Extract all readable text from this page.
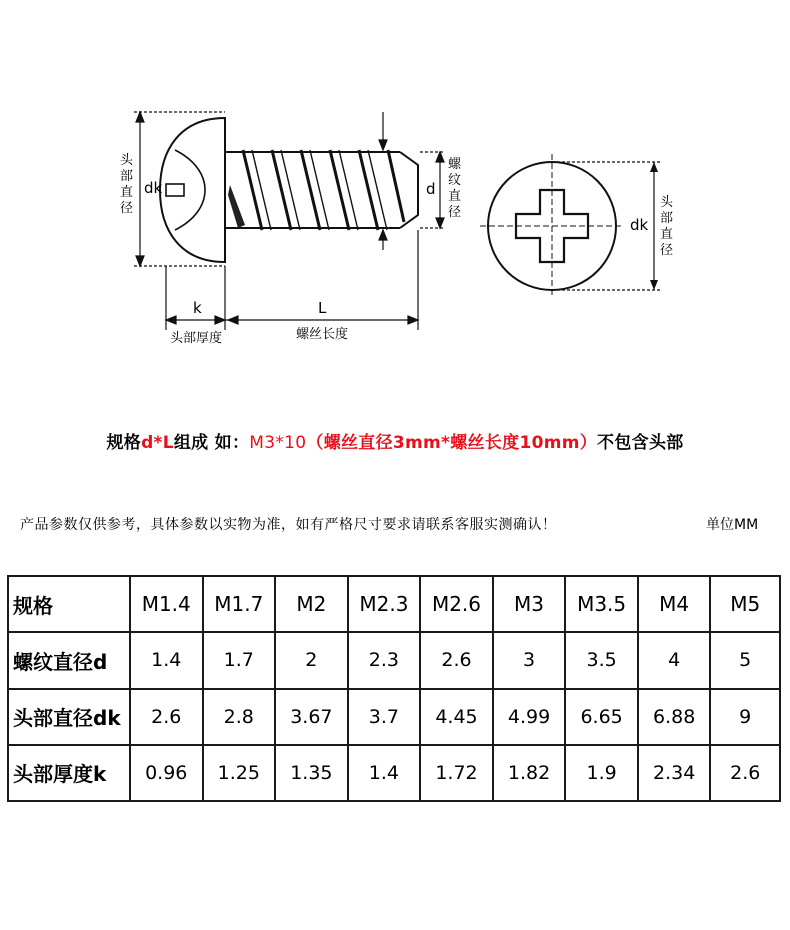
头
部
直
径
dk	d
螺
纹
直
径
k	L
头部厚度	螺丝长度
dk
头
部
直
径
规格d*L组成 如：M3*10（螺丝直径3mm*螺丝长度10mm）不包含头部
产品参数仅供参考，具体参数以实物为准，如有严格尺寸要求请联系客服实测确认！	单位MM
规格	M1.4	M1.7	M2	M2.3	M2.6	M3	M3.5	M4	M5
螺纹直径d	1.4	1.7	2	2.3	2.6	3	3.5	4	5
头部直径dk	2.6	2.8	3.67	3.7	4.45	4.99	6.65	6.88	9
头部厚度k	0.96	1.25	1.35	1.4	1.72	1.82	1.9	2.34	2.6
